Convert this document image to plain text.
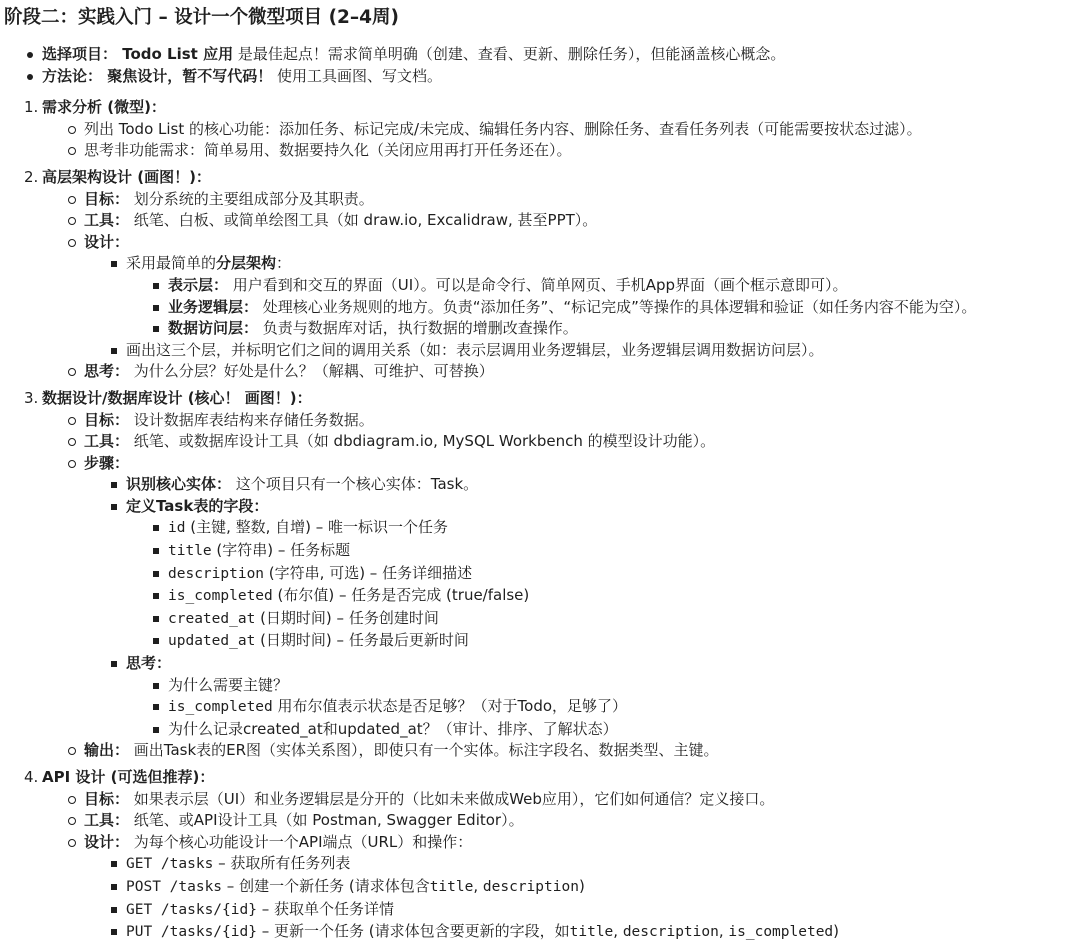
阶段二：实践入门 – 设计一个微型项目 (2–4周)
选择项目： Todo List 应用 是最佳起点！需求简单明确（创建、查看、更新、删除任务），但能涵盖核心概念。
方法论： 聚焦设计，暂不写代码！ 使用工具画图、写文档。
1. 需求分析 (微型)：
列出 Todo List 的核心功能：添加任务、标记完成/未完成、编辑任务内容、删除任务、查看任务列表（可能需要按状态过滤）。
思考非功能需求：简单易用、数据要持久化（关闭应用再打开任务还在）。
2. 高层架构设计 (画图！)：
目标： 划分系统的主要组成部分及其职责。
工具： 纸笔、白板、或简单绘图工具（如 draw.io, Excalidraw, 甚至PPT）。
设计：
采用最简单的分层架构：
表示层： 用户看到和交互的界面（UI）。可以是命令行、简单网页、手机App界面（画个框示意即可）。
业务逻辑层： 处理核心业务规则的地方。负责“添加任务”、“标记完成”等操作的具体逻辑和验证（如任务内容不能为空）。
数据访问层： 负责与数据库对话，执行数据的增删改查操作。
画出这三个层，并标明它们之间的调用关系（如：表示层调用业务逻辑层，业务逻辑层调用数据访问层）。
思考： 为什么分层？好处是什么？（解耦、可维护、可替换）
3. 数据设计/数据库设计 (核心！ 画图！)：
目标： 设计数据库表结构来存储任务数据。
工具： 纸笔、或数据库设计工具（如 dbdiagram.io, MySQL Workbench 的模型设计功能）。
步骤：
识别核心实体： 这个项目只有一个核心实体：Task。
定义Task表的字段：
id (主键, 整数, 自增) – 唯一标识一个任务
title (字符串) – 任务标题
description (字符串, 可选) – 任务详细描述
is_completed (布尔值) – 任务是否完成 (true/false)
created_at (日期时间) – 任务创建时间
updated_at (日期时间) – 任务最后更新时间
思考：
为什么需要主键？
is_completed 用布尔值表示状态是否足够？（对于Todo，足够了）
为什么记录created_at和updated_at？（审计、排序、了解状态）
输出： 画出Task表的ER图（实体关系图），即使只有一个实体。标注字段名、数据类型、主键。
4. API 设计 (可选但推荐)：
目标： 如果表示层（UI）和业务逻辑层是分开的（比如未来做成Web应用），它们如何通信？定义接口。
工具： 纸笔、或API设计工具（如 Postman, Swagger Editor）。
设计： 为每个核心功能设计一个API端点（URL）和操作：
GET /tasks – 获取所有任务列表
POST /tasks – 创建一个新任务 (请求体包含title, description)
GET /tasks/{id} – 获取单个任务详情
PUT /tasks/{id} – 更新一个任务 (请求体包含要更新的字段，如title, description, is_completed)
